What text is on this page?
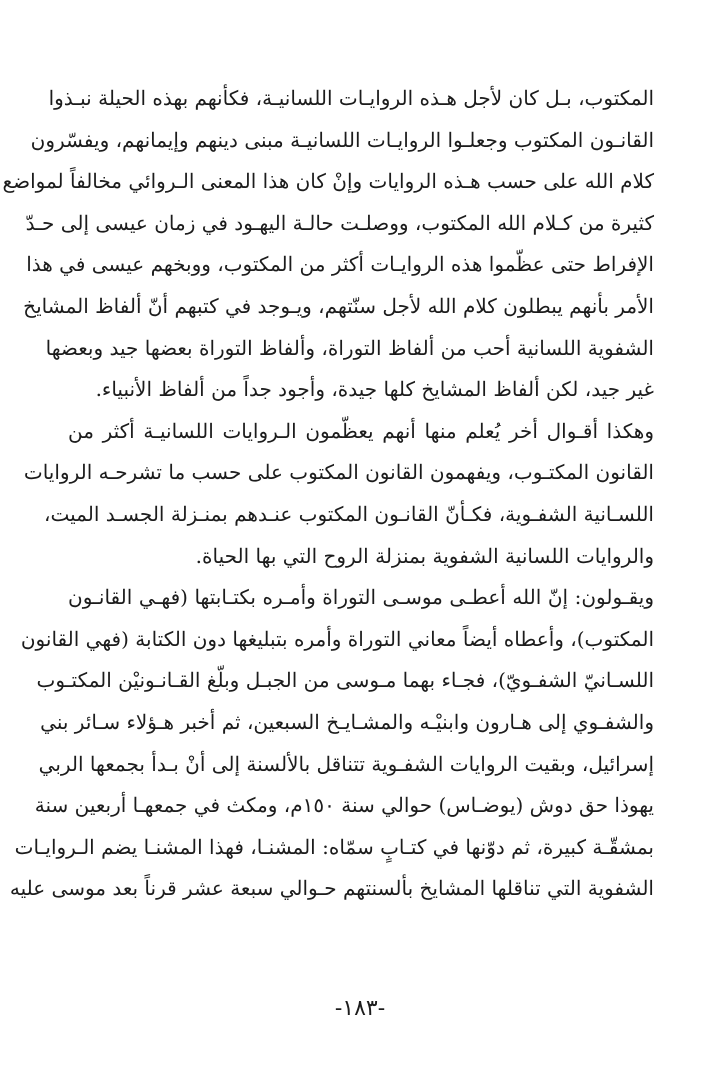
المكتوب، بـل كان لأجل هـذه الروايـات اللسانيـة، فكأنهم بهذه الحيلة نبـذوا
القانـون المكتوب وجعلـوا الروايـات اللسانيـة مبنى دينهم وإيمانهم، ويفسّرون
كلام الله على حسب هـذه الروايات وإنْ كان هذا المعنى الـروائي مخالفاً لمواضع
كثيرة من كـلام الله المكتوب، ووصلـت حالـة اليهـود في زمان عيسى إلى حـدّ
الإفراط حتى عظّموا هذه الروايـات أكثر من المكتوب، ووبخهم عيسى في هذا
الأمر بأنهم يبطلون كلام الله لأجل سنّتهم، ويـوجد في كتبهم أنّ ألفاظ المشايخ
الشفوية اللسانية أحب من ألفاظ التوراة، وألفاظ التوراة بعضها جيد وبعضها
غير جيد، لكن ألفاظ المشايخ كلها جيدة، وأجود جداً من ألفاظ الأنبياء.
وهكذا أقـوال أخر يُعلم منها أنهم يعظّمون الـروايات اللسانيـة أكثر من
القانون المكتـوب، ويفهمون القانون المكتوب على حسب ما تشرحـه الروايات
اللسـانية الشفـوية، فكـأنّ القانـون المكتوب عنـدهم بمنـزلة الجسـد الميت،
والروايات اللسانية الشفوية بمنزلة الروح التي بها الحياة.
ويقـولون: إنّ الله أعطـى موسـى التوراة وأمـره بكتـابتها (فهـي القانـون
المكتوب)، وأعطاه أيضاً معاني التوراة وأمره بتبليغها دون الكتابة (فهي القانون
اللسـانيّ الشفـويّ)، فجـاء بهما مـوسى من الجبـل وبلّغ القـانـونيْن المكتـوب
والشفـوي إلى هـارون وابنيْـه والمشـايـخ السبعين، ثم أخبر هـؤلاء سـائر بني
إسرائيل، وبقيت الروايات الشفـوية تتناقل بالألسنة إلى أنْ بـدأ بجمعها الربي
يهوذا حق دوش (يوضـاس) حوالي سنة ١٥٠م، ومكث في جمعهـا أربعين سنة
بمشقّـة كبيرة، ثم دوّنها في كتـابٍ سمّاه: المشنـا، فهذا المشنـا يضم الـروايـات
الشفوية التي تناقلها المشايخ بألسنتهم حـوالي سبعة عشر قرناً بعد موسى عليه
-١٨٣-
